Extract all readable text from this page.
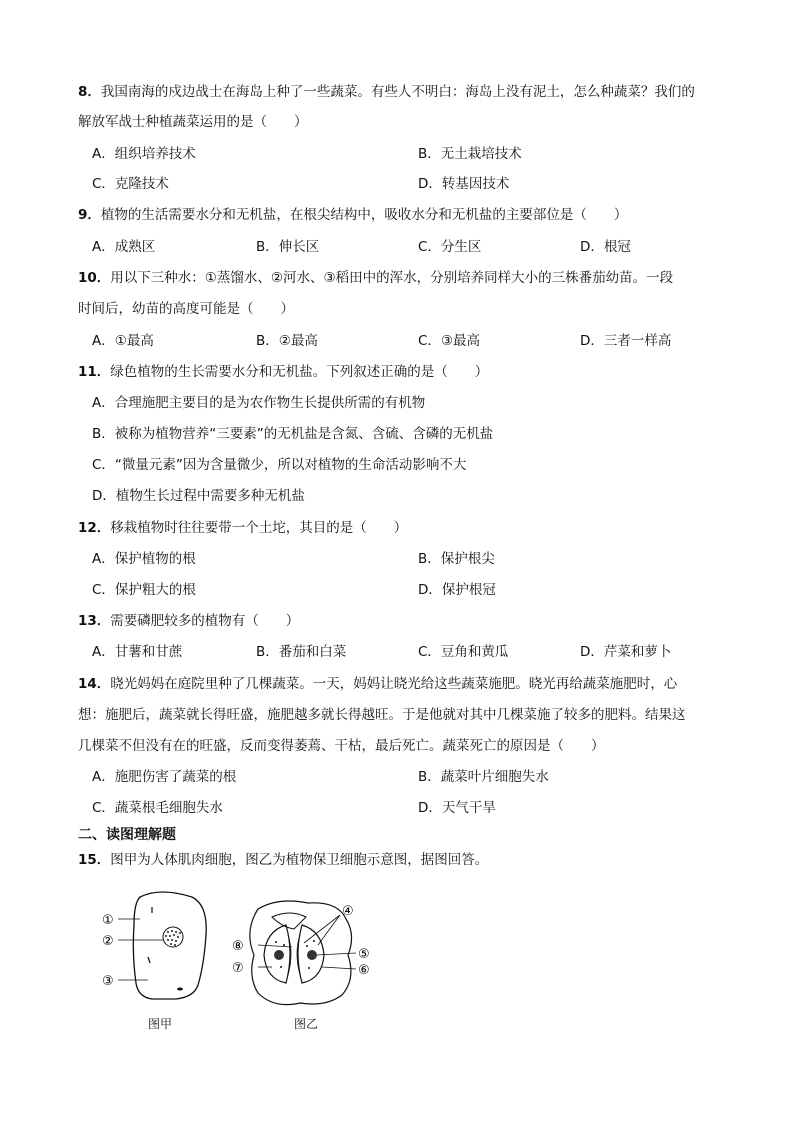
8．我国南海的戍边战士在海岛上种了一些蔬菜。有些人不明白：海岛上没有泥土，怎么种蔬菜？我们的
解放军战士种植蔬菜运用的是（　　）
A．组织培养技术	B．无土栽培技术
C．克隆技术	D．转基因技术
9．植物的生活需要水分和无机盐，在根尖结构中，吸收水分和无机盐的主要部位是（　　）
A．成熟区	B．伸长区	C．分生区	D．根冠
10．用以下三种水：①蒸馏水、②河水、③稻田中的浑水，分别培养同样大小的三株番茄幼苗。一段
时间后，幼苗的高度可能是（　　）
A．①最高	B．②最高	C．③最高	D．三者一样高
11．绿色植物的生长需要水分和无机盐。下列叙述正确的是（　　）
A．合理施肥主要目的是为农作物生长提供所需的有机物
B．被称为植物营养“三要素”的无机盐是含氮、含硫、含磷的无机盐
C．“微量元素”因为含量微少，所以对植物的生命活动影响不大
D．植物生长过程中需要多种无机盐
12．移栽植物时往往要带一个土坨，其目的是（　　）
A．保护植物的根	B．保护根尖
C．保护粗大的根	D．保护根冠
13．需要磷肥较多的植物有（　　）
A．甘薯和甘蔗	B．番茄和白菜	C．豆角和黄瓜	D．芹菜和萝卜
14．晓光妈妈在庭院里种了几棵蔬菜。一天，妈妈让晓光给这些蔬菜施肥。晓光再给蔬菜施肥时，心
想：施肥后，蔬菜就长得旺盛，施肥越多就长得越旺。于是他就对其中几棵菜施了较多的肥料。结果这
几棵菜不但没有在的旺盛，反而变得萎蔫、干枯，最后死亡。蔬菜死亡的原因是（　　）
A．施肥伤害了蔬菜的根	B．蔬菜叶片细胞失水
C．蔬菜根毛细胞失水	D．天气干旱
二、读图理解题
15．图甲为人体肌肉细胞，图乙为植物保卫细胞示意图，据图回答。
①
②
③
图甲
⑧
⑦
④
⑤
⑥
图乙
